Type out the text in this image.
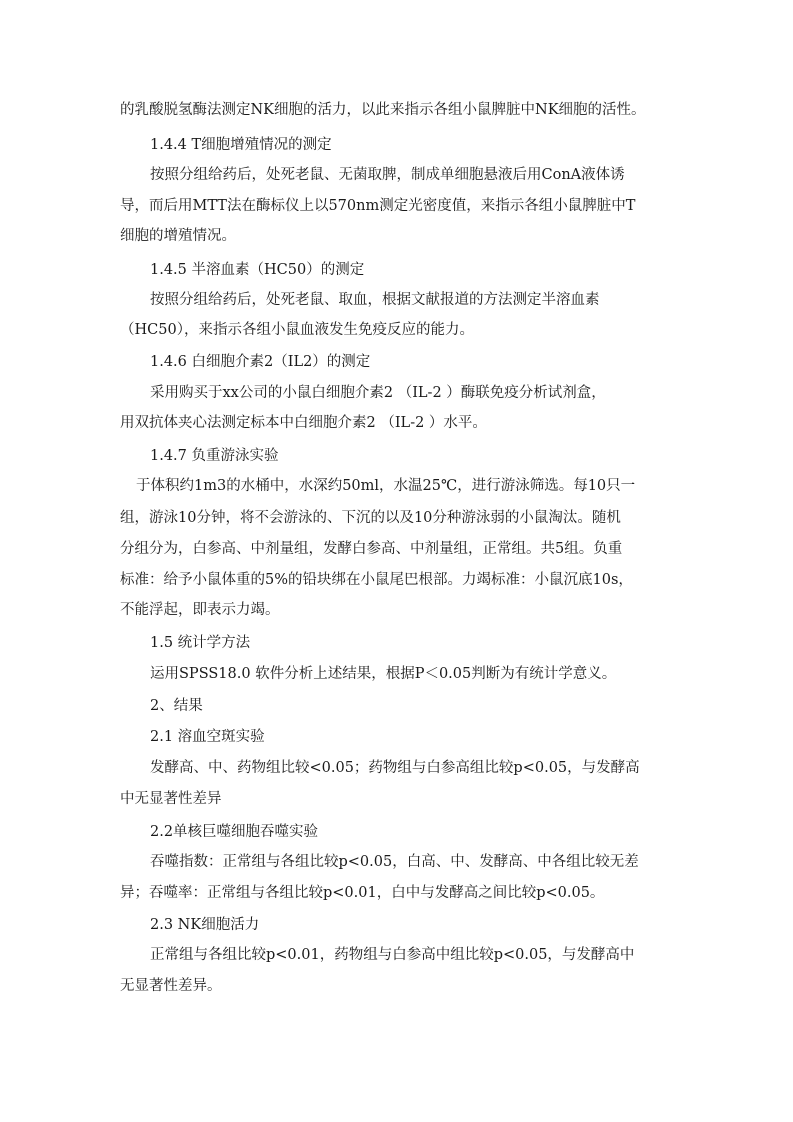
的乳酸脱氢酶法测定NK细胞的活力，以此来指示各组小鼠脾脏中NK细胞的活性。
1.4.4 T细胞增殖情况的测定
按照分组给药后，处死老鼠、无菌取脾，制成单细胞悬液后用ConA液体诱
导，而后用MTT法在酶标仪上以570nm测定光密度值，来指示各组小鼠脾脏中T
细胞的增殖情况。
1.4.5 半溶血素（HC50）的测定
按照分组给药后，处死老鼠、取血，根据文献报道的方法测定半溶血素
（HC50），来指示各组小鼠血液发生免疫反应的能力。
1.4.6 白细胞介素2（IL2）的测定
采用购买于xx公司的小鼠白细胞介素2 （IL-2 ）酶联免疫分析试剂盒，
用双抗体夹心法测定标本中白细胞介素2 （IL-2 ）水平。
1.4.7 负重游泳实验
于体积约1m3的水桶中，水深约50ml，水温25℃，进行游泳筛选。每10只一
组，游泳10分钟，将不会游泳的、下沉的以及10分种游泳弱的小鼠淘汰。随机
分组分为，白参高、中剂量组，发酵白参高、中剂量组，正常组。共5组。负重
标准：给予小鼠体重的5%的铅块绑在小鼠尾巴根部。力竭标准：小鼠沉底10s，
不能浮起，即表示力竭。
1.5 统计学方法
运用SPSS18.0 软件分析上述结果，根据P＜0.05判断为有统计学意义。
2、结果
2.1 溶血空斑实验
发酵高、中、药物组比较<0.05；药物组与白参高组比较p<0.05，与发酵高
中无显著性差异
2.2单核巨噬细胞吞噬实验
吞噬指数：正常组与各组比较p<0.05，白高、中、发酵高、中各组比较无差
异；吞噬率：正常组与各组比较p<0.01，白中与发酵高之间比较p<0.05。
2.3 NK细胞活力
正常组与各组比较p<0.01，药物组与白参高中组比较p<0.05，与发酵高中
无显著性差异。
